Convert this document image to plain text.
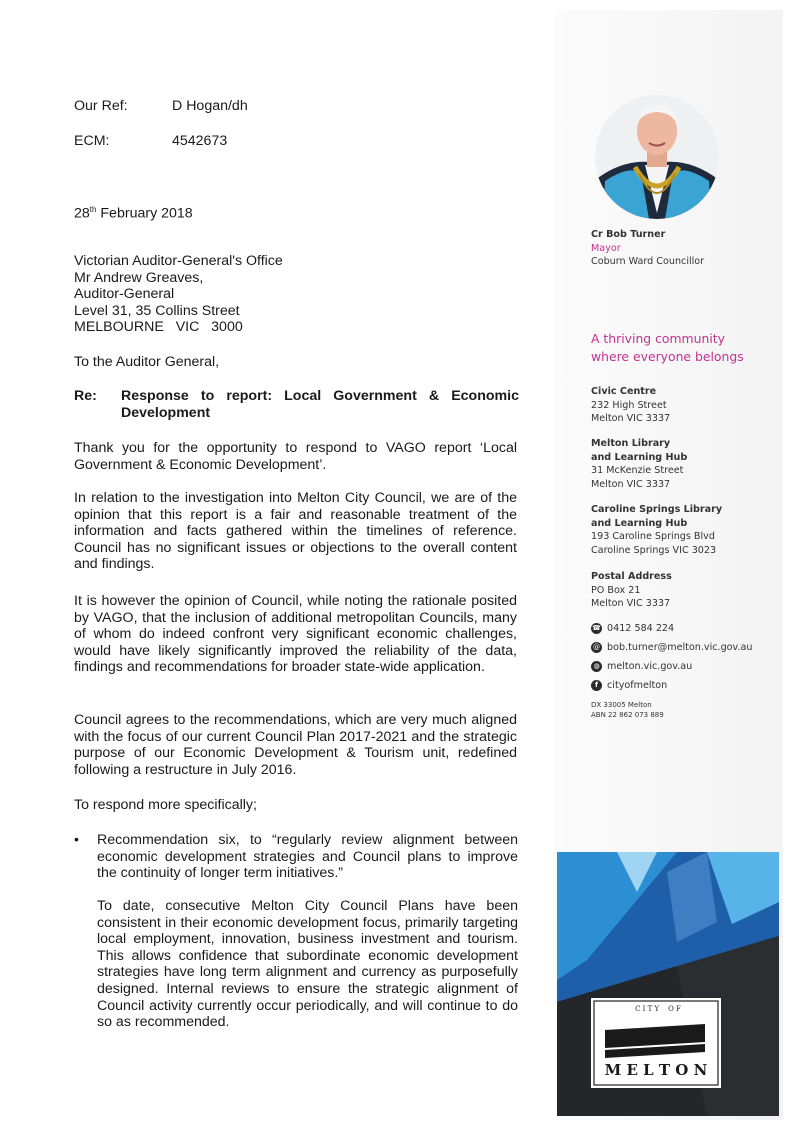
Our Ref:	D Hogan/dh
ECM:	4542673
28th February 2018
Victorian Auditor-General's Office
Mr Andrew Greaves,
Auditor-General
Level 31, 35 Collins Street
MELBOURNE   VIC   3000
To the Auditor General,
Re: Response to report: Local Government & Economic Development
Thank you for the opportunity to respond to VAGO report ‘Local Government & Economic Development’.
In relation to the investigation into Melton City Council, we are of the opinion that this report is a fair and reasonable treatment of the information and facts gathered within the timelines of reference. Council has no significant issues or objections to the overall content and findings.
It is however the opinion of Council, while noting the rationale posited by VAGO, that the inclusion of additional metropolitan Councils, many of whom do indeed confront very significant economic challenges, would have likely significantly improved the reliability of the data, findings and recommendations for broader state-wide application.
Council agrees to the recommendations, which are very much aligned with the focus of our current Council Plan 2017-2021 and the strategic purpose of our Economic Development & Tourism unit, redefined following a restructure in July 2016.
To respond more specifically;
• Recommendation six, to “regularly review alignment between economic development strategies and Council plans to improve the continuity of longer term initiatives.”
To date, consecutive Melton City Council Plans have been consistent in their economic development focus, primarily targeting local employment, innovation, business investment and tourism. This allows confidence that subordinate economic development strategies have long term alignment and currency as purposefully designed. Internal reviews to ensure the strategic alignment of Council activity currently occur periodically, and will continue to do so as recommended.
Cr Bob Turner
Mayor
Coburn Ward Councillor
A thriving community
where everyone belongs
Civic Centre
232 High Street
Melton VIC 3337
Melton Library
and Learning Hub
31 McKenzie Street
Melton VIC 3337
Caroline Springs Library
and Learning Hub
193 Caroline Springs Blvd
Caroline Springs VIC 3023
Postal Address
PO Box 21
Melton VIC 3337
☎ 0412 584 224
@ bob.turner@melton.vic.gov.au
◍ melton.vic.gov.au
f cityofmelton
DX 33005 Melton
ABN 22 862 073 889
C I T Y    O F
M E L T O N
